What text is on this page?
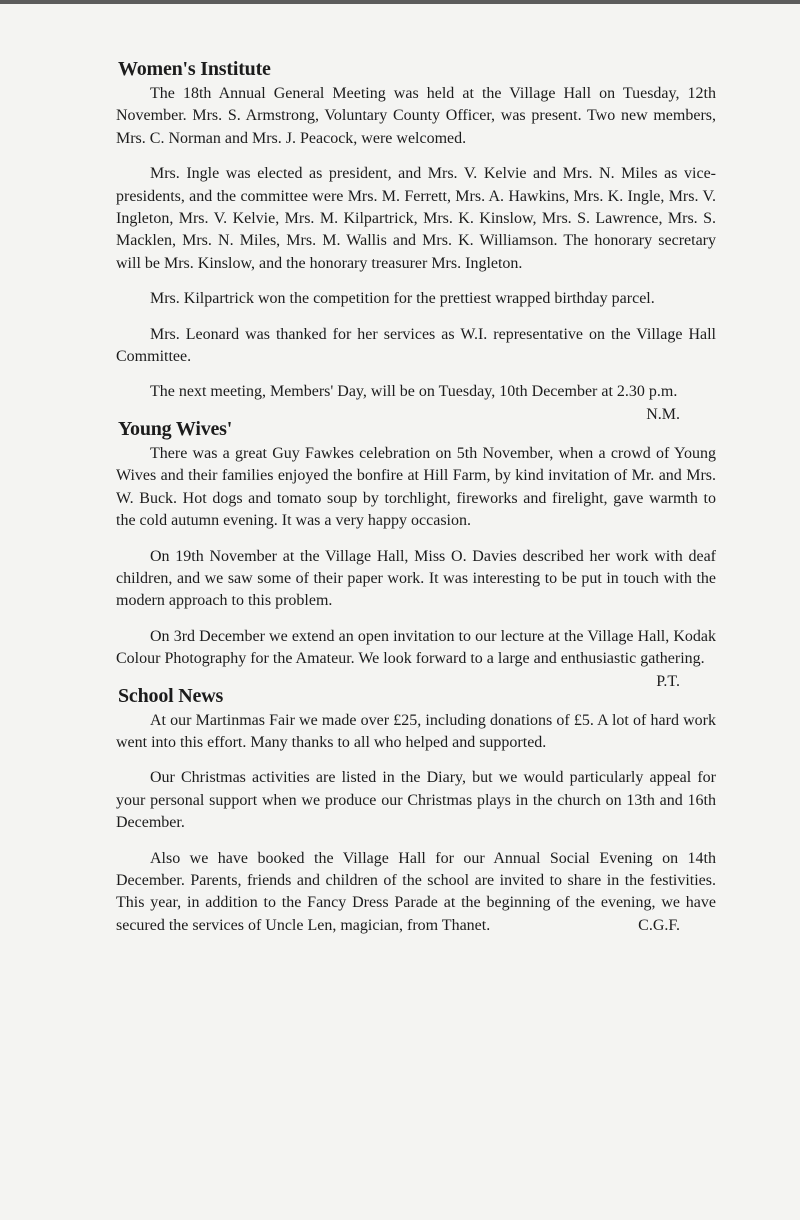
Women's Institute

The 18th Annual General Meeting was held at the Village Hall on Tuesday, 12th November. Mrs. S. Armstrong, Voluntary County Officer, was present. Two new members, Mrs. C. Norman and Mrs. J. Peacock, were welcomed.

Mrs. Ingle was elected as president, and Mrs. V. Kelvie and Mrs. N. Miles as vice-presidents, and the committee were Mrs. M. Ferrett, Mrs. A. Hawkins, Mrs. K. Ingle, Mrs. V. Ingleton, Mrs. V. Kelvie, Mrs. M. Kilpartrick, Mrs. K. Kinslow, Mrs. S. Lawrence, Mrs. S. Macklen, Mrs. N. Miles, Mrs. M. Wallis and Mrs. K. Williamson. The honorary secretary will be Mrs. Kinslow, and the honorary treasurer Mrs. Ingleton.

Mrs. Kilpartrick won the competition for the prettiest wrapped birthday parcel.

Mrs. Leonard was thanked for her services as W.I. representative on the Village Hall Committee.

The next meeting, Members' Day, will be on Tuesday, 10th December at 2.30 p.m.
N.M.

Young Wives'

There was a great Guy Fawkes celebration on 5th November, when a crowd of Young Wives and their families enjoyed the bonfire at Hill Farm, by kind invitation of Mr. and Mrs. W. Buck. Hot dogs and tomato soup by torchlight, fireworks and firelight, gave warmth to the cold autumn evening. It was a very happy occasion.

On 19th November at the Village Hall, Miss O. Davies described her work with deaf children, and we saw some of their paper work. It was interesting to be put in touch with the modern approach to this problem.

On 3rd December we extend an open invitation to our lecture at the Village Hall, Kodak Colour Photography for the Amateur. We look forward to a large and enthusiastic gathering.
P.T.

School News

At our Martinmas Fair we made over £25, including donations of £5. A lot of hard work went into this effort. Many thanks to all who helped and supported.

Our Christmas activities are listed in the Diary, but we would particularly appeal for your personal support when we produce our Christmas plays in the church on 13th and 16th December.

Also we have booked the Village Hall for our Annual Social Evening on 14th December. Parents, friends and children of the school are invited to share in the festivities. This year, in addition to the Fancy Dress Parade at the beginning of the evening, we have secured the services of Uncle Len, magician, from Thanet.	C.G.F.
